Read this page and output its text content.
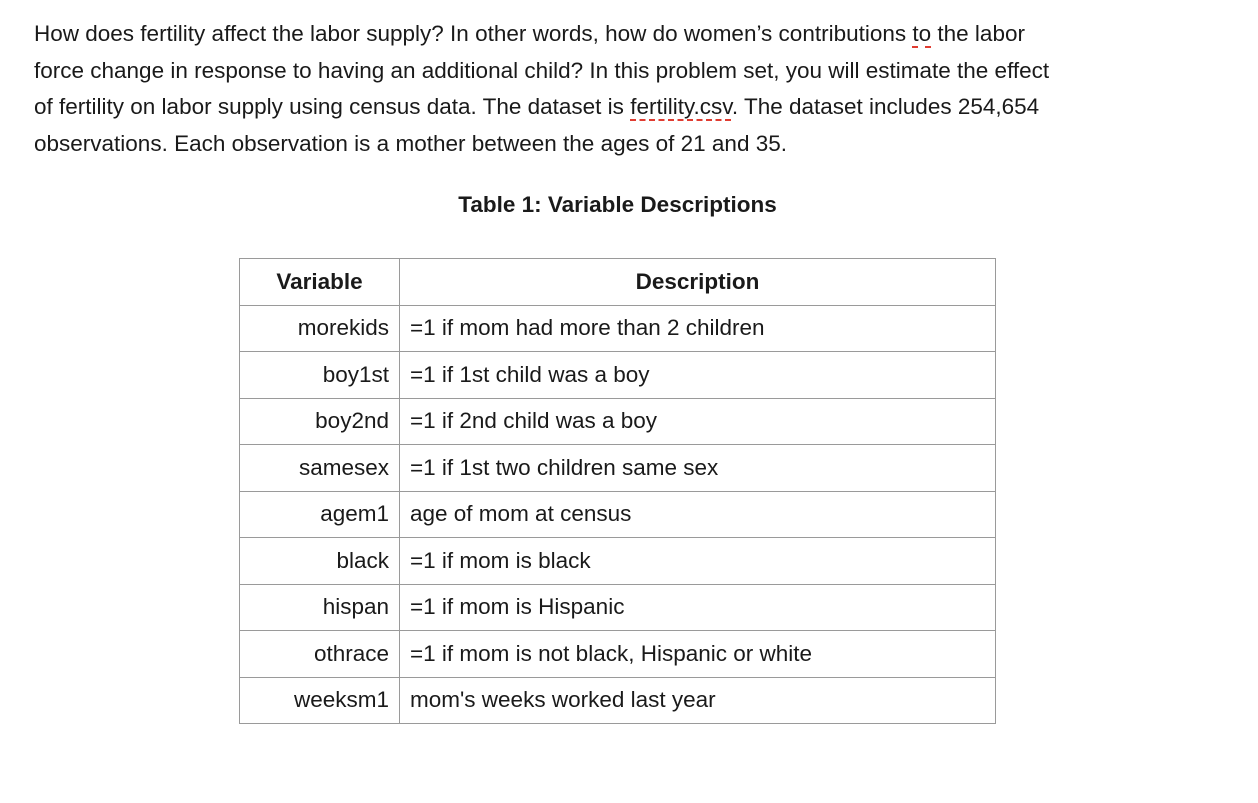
How does fertility affect the labor supply? In other words, how do women’s contributions to the labor
force change in response to having an additional child? In this problem set, you will estimate the effect
of fertility on labor supply using census data. The dataset is fertility.csv. The dataset includes 254,654
observations. Each observation is a mother between the ages of 21 and 35.
Table 1: Variable Descriptions
Variable	Description
morekids	=1 if mom had more than 2 children
boy1st	=1 if 1st child was a boy
boy2nd	=1 if 2nd child was a boy
samesex	=1 if 1st two children same sex
agem1	age of mom at census
black	=1 if mom is black
hispan	=1 if mom is Hispanic
othrace	=1 if mom is not black, Hispanic or white
weeksm1	mom's weeks worked last year
